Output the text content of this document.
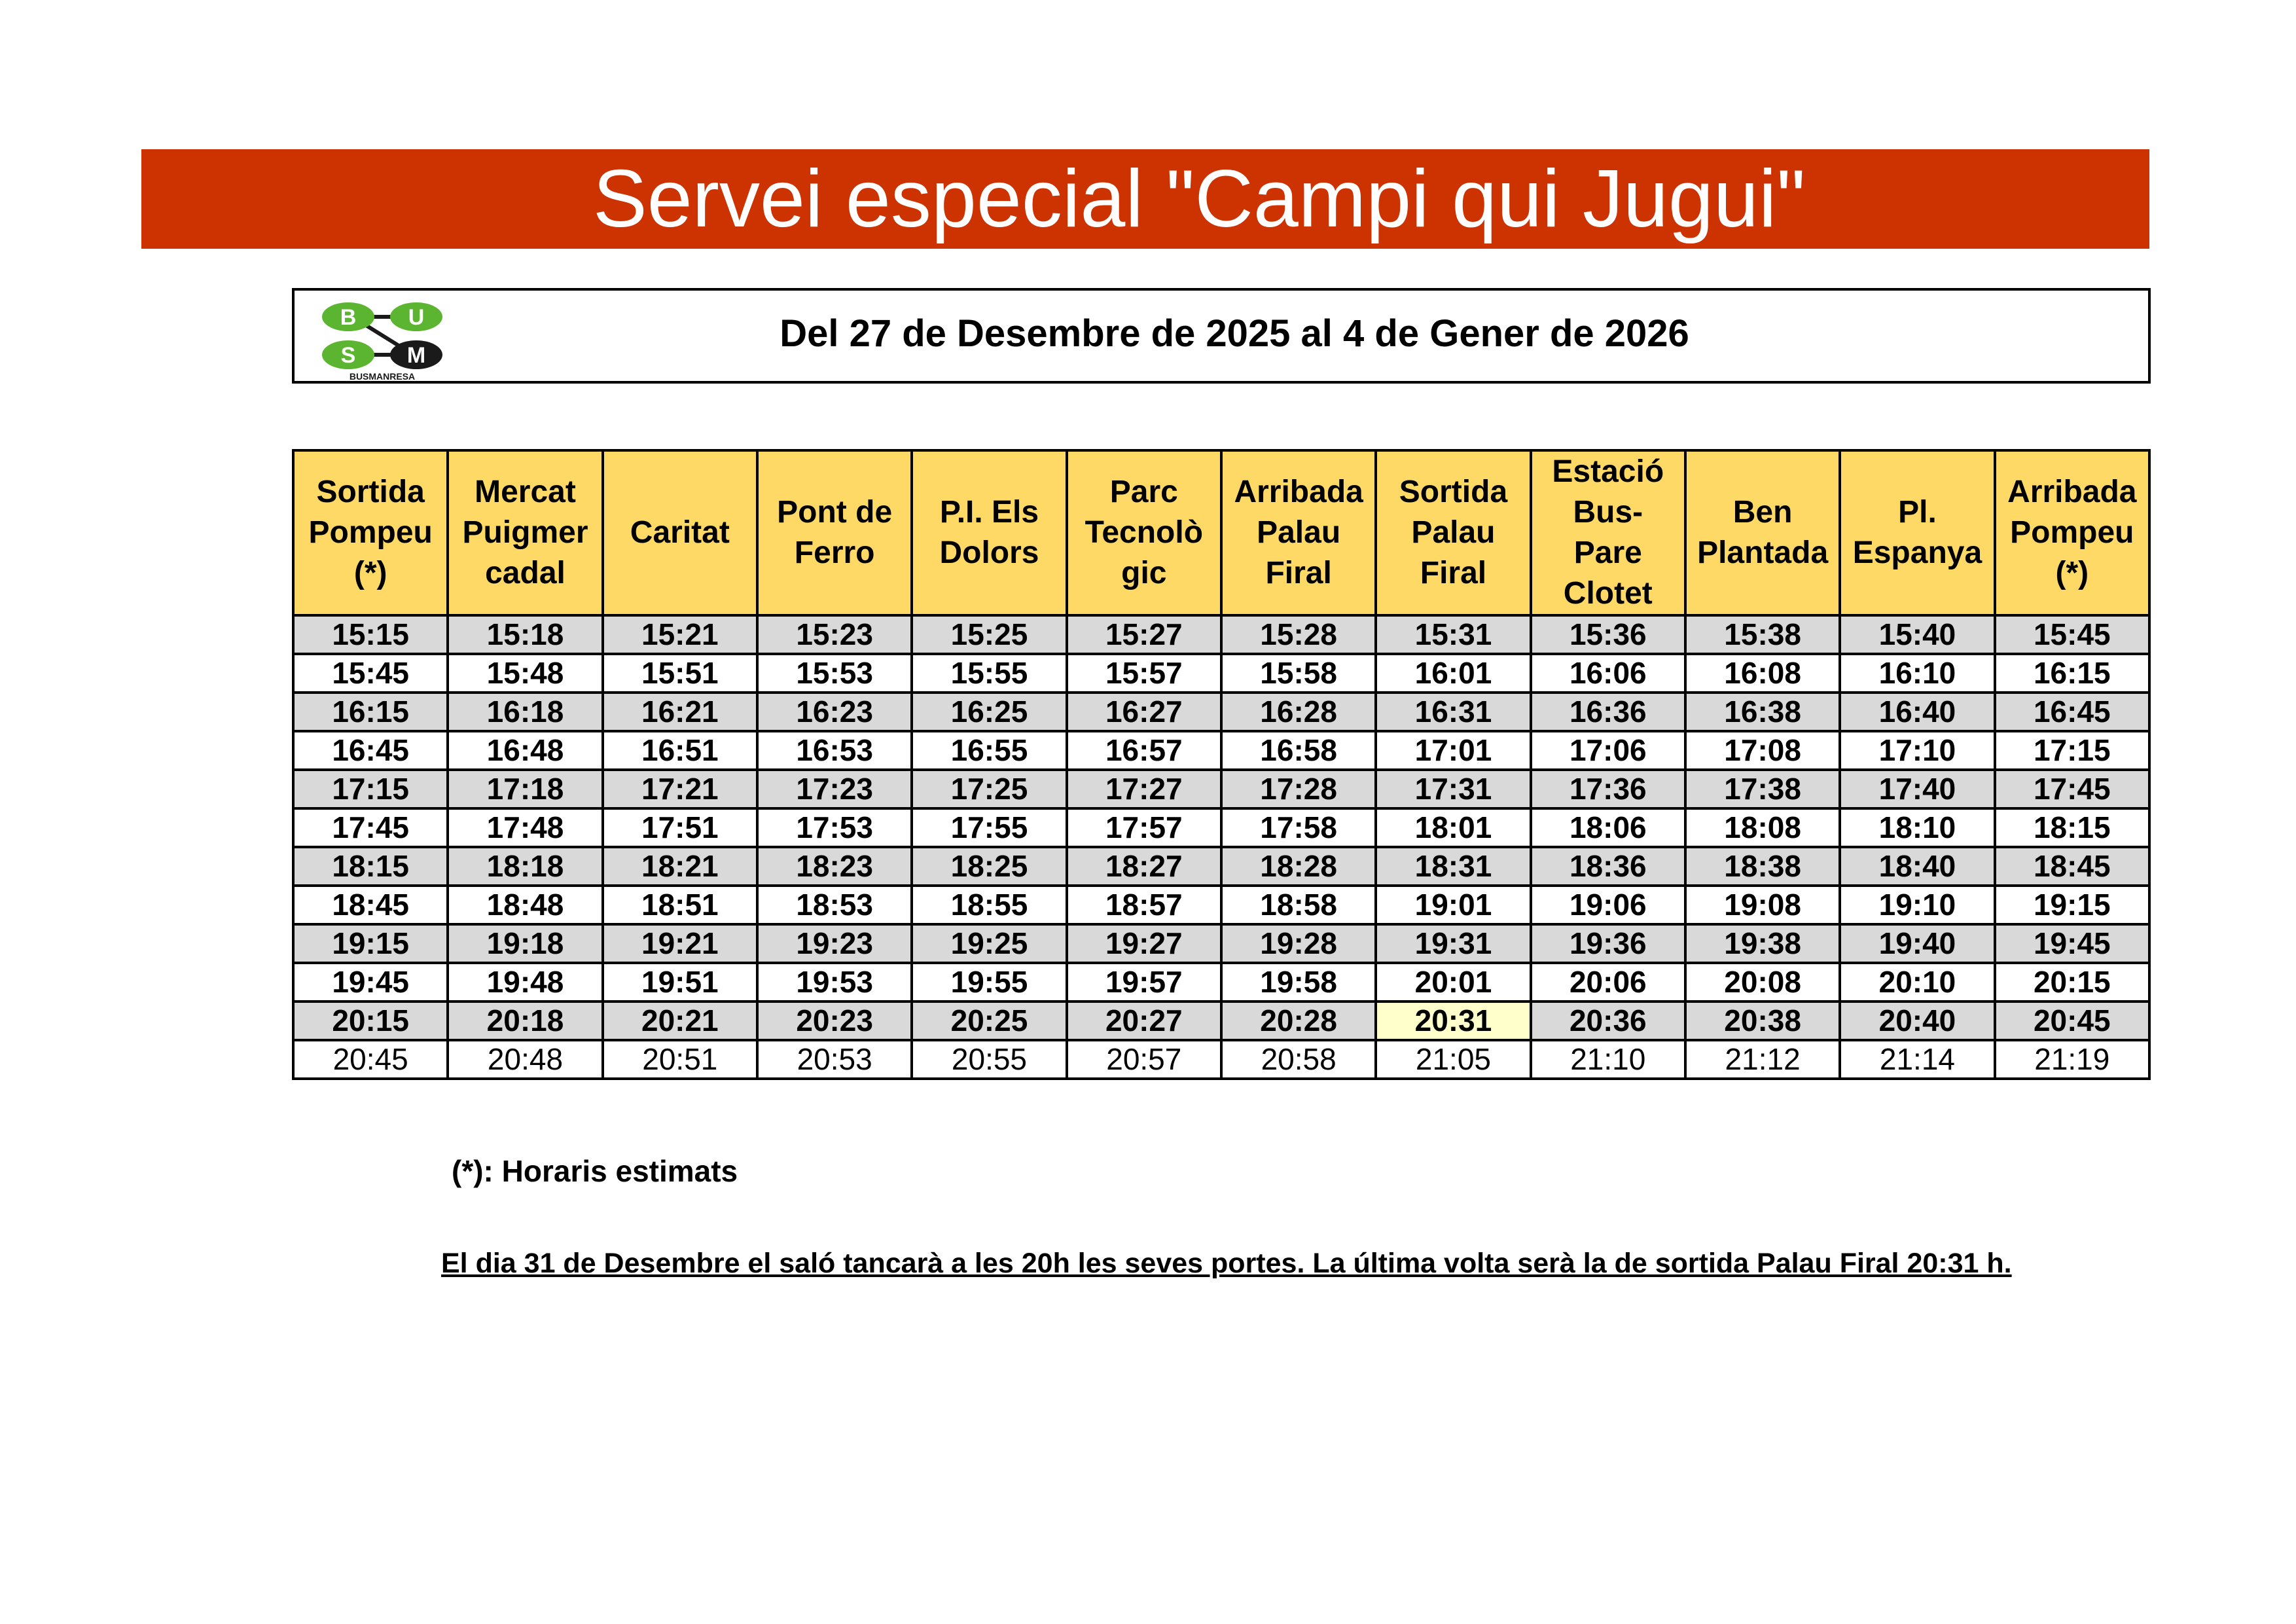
Servei especial "Campi qui Jugui"
B U
S M
BUSMANRESA
Del 27 de Desembre de 2025 al 4 de Gener de 2026
Sortida
Pompeu
(*)	Mercat
Puigmer
cadal	Caritat	Pont de
Ferro	P.I. Els
Dolors	Parc
Tecnolò
gic	Arribada
Palau
Firal	Sortida
Palau
Firal	Estació
Bus-
Pare
Clotet	Ben
Plantada	Pl.
Espanya	Arribada
Pompeu
(*)
15:15	15:18	15:21	15:23	15:25	15:27	15:28	15:31	15:36	15:38	15:40	15:45
15:45	15:48	15:51	15:53	15:55	15:57	15:58	16:01	16:06	16:08	16:10	16:15
16:15	16:18	16:21	16:23	16:25	16:27	16:28	16:31	16:36	16:38	16:40	16:45
16:45	16:48	16:51	16:53	16:55	16:57	16:58	17:01	17:06	17:08	17:10	17:15
17:15	17:18	17:21	17:23	17:25	17:27	17:28	17:31	17:36	17:38	17:40	17:45
17:45	17:48	17:51	17:53	17:55	17:57	17:58	18:01	18:06	18:08	18:10	18:15
18:15	18:18	18:21	18:23	18:25	18:27	18:28	18:31	18:36	18:38	18:40	18:45
18:45	18:48	18:51	18:53	18:55	18:57	18:58	19:01	19:06	19:08	19:10	19:15
19:15	19:18	19:21	19:23	19:25	19:27	19:28	19:31	19:36	19:38	19:40	19:45
19:45	19:48	19:51	19:53	19:55	19:57	19:58	20:01	20:06	20:08	20:10	20:15
20:15	20:18	20:21	20:23	20:25	20:27	20:28	20:31	20:36	20:38	20:40	20:45
20:45	20:48	20:51	20:53	20:55	20:57	20:58	21:05	21:10	21:12	21:14	21:19
(*): Horaris estimats
El dia 31 de Desembre el saló tancarà a les 20h les seves portes. La última volta serà la de sortida Palau Firal 20:31 h.
